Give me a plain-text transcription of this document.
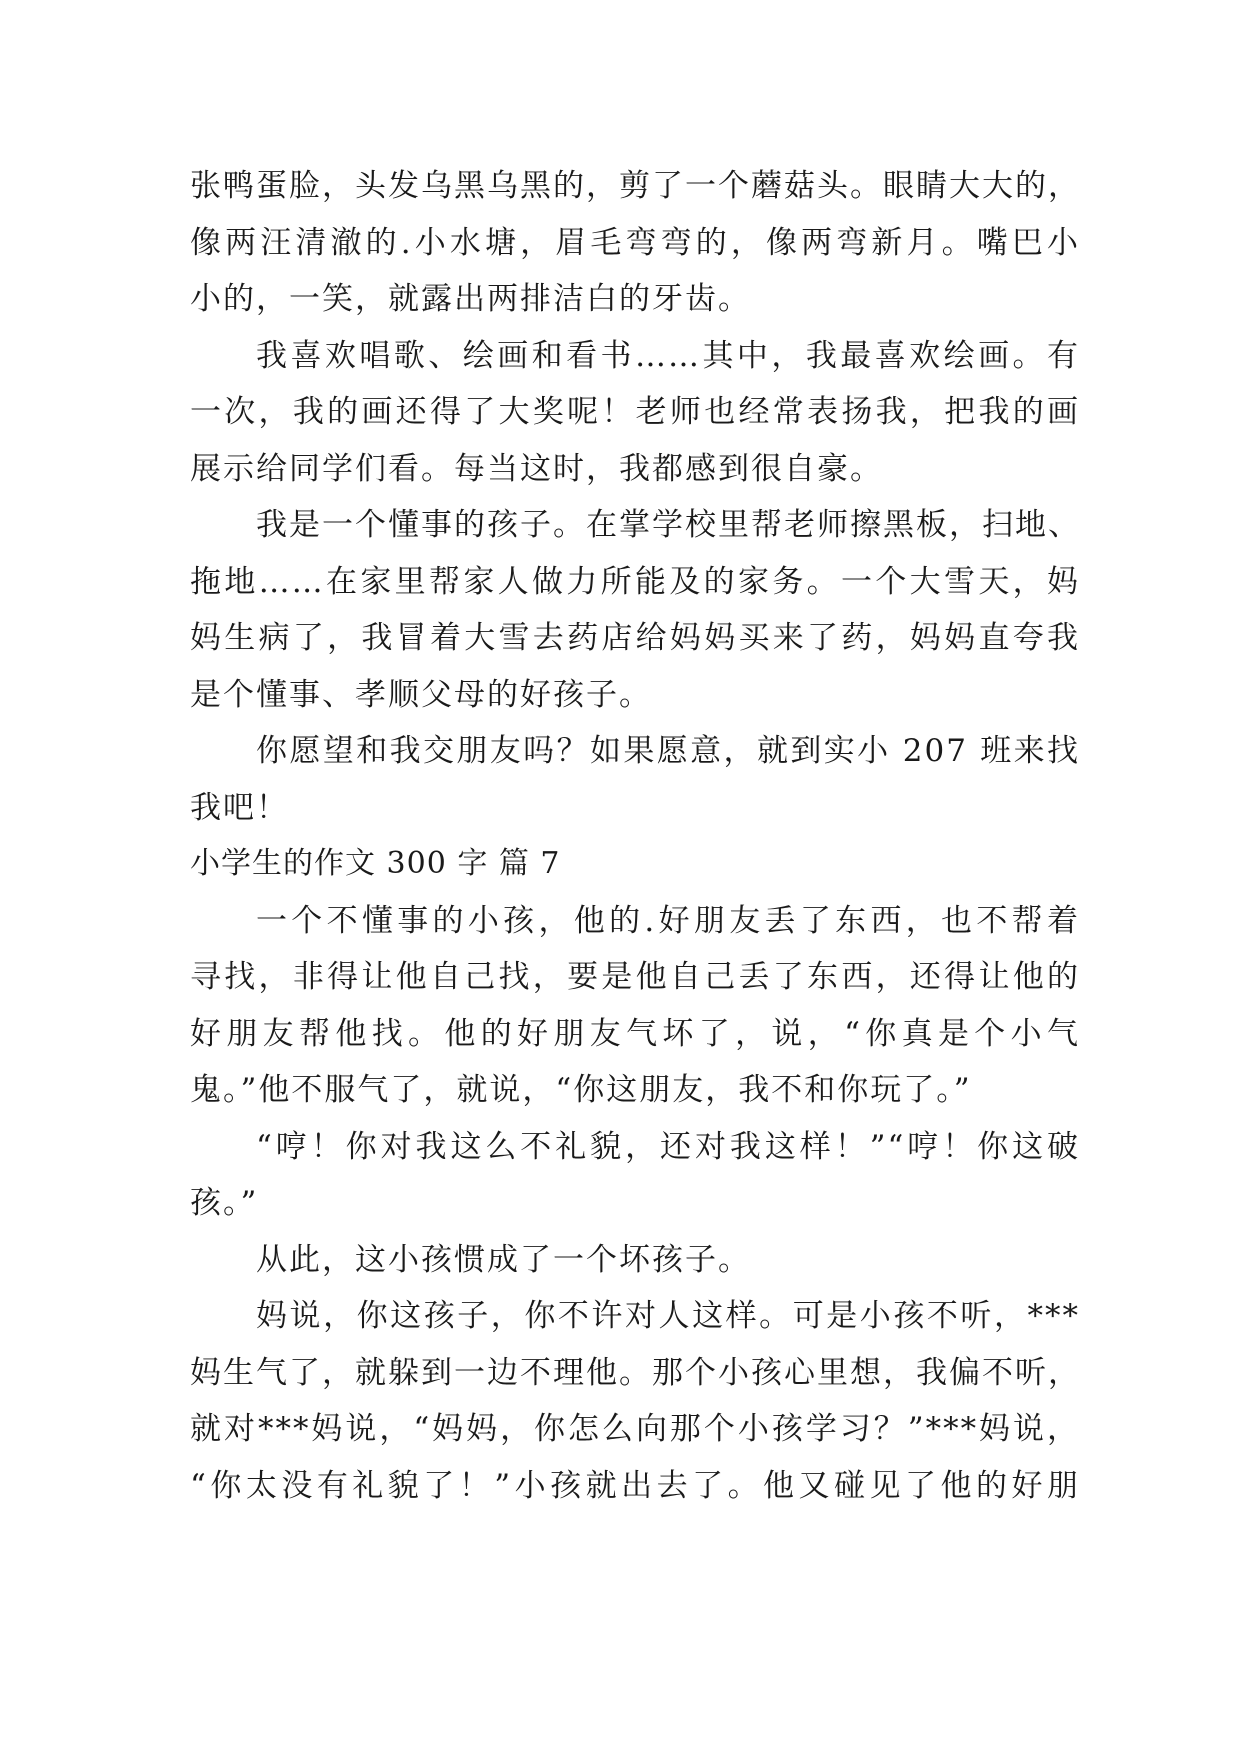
张鸭蛋脸，头发乌黑乌黑的，剪了一个蘑菇头。眼睛大大的，
像两汪清澈的.小水塘，眉毛弯弯的，像两弯新月。嘴巴小
小的，一笑，就露出两排洁白的牙齿。
我喜欢唱歌、绘画和看书……其中，我最喜欢绘画。有
一次，我的画还得了大奖呢！老师也经常表扬我，把我的画
展示给同学们看。每当这时，我都感到很自豪。
我是一个懂事的孩子。在掌学校里帮老师擦黑板，扫地、
拖地……在家里帮家人做力所能及的家务。一个大雪天，妈
妈生病了，我冒着大雪去药店给妈妈买来了药，妈妈直夸我
是个懂事、孝顺父母的好孩子。
你愿望和我交朋友吗？如果愿意，就到实小 207 班来找
我吧！
小学生的作文 300 字 篇 7
一个不懂事的小孩，他的.好朋友丢了东西，也不帮着
寻找，非得让他自己找，要是他自己丢了东西，还得让他的
好朋友帮他找。他的好朋友气坏了，说，“你真是个小气
鬼。”他不服气了，就说，“你这朋友，我不和你玩了。”
“哼！你对我这么不礼貌，还对我这样！”“哼！你这破
孩。”
从此，这小孩惯成了一个坏孩子。
妈说，你这孩子，你不许对人这样。可是小孩不听，***
妈生气了，就躲到一边不理他。那个小孩心里想，我偏不听，
就对***妈说，“妈妈，你怎么向那个小孩学习？”***妈说，
“你太没有礼貌了！”小孩就出去了。他又碰见了他的好朋
